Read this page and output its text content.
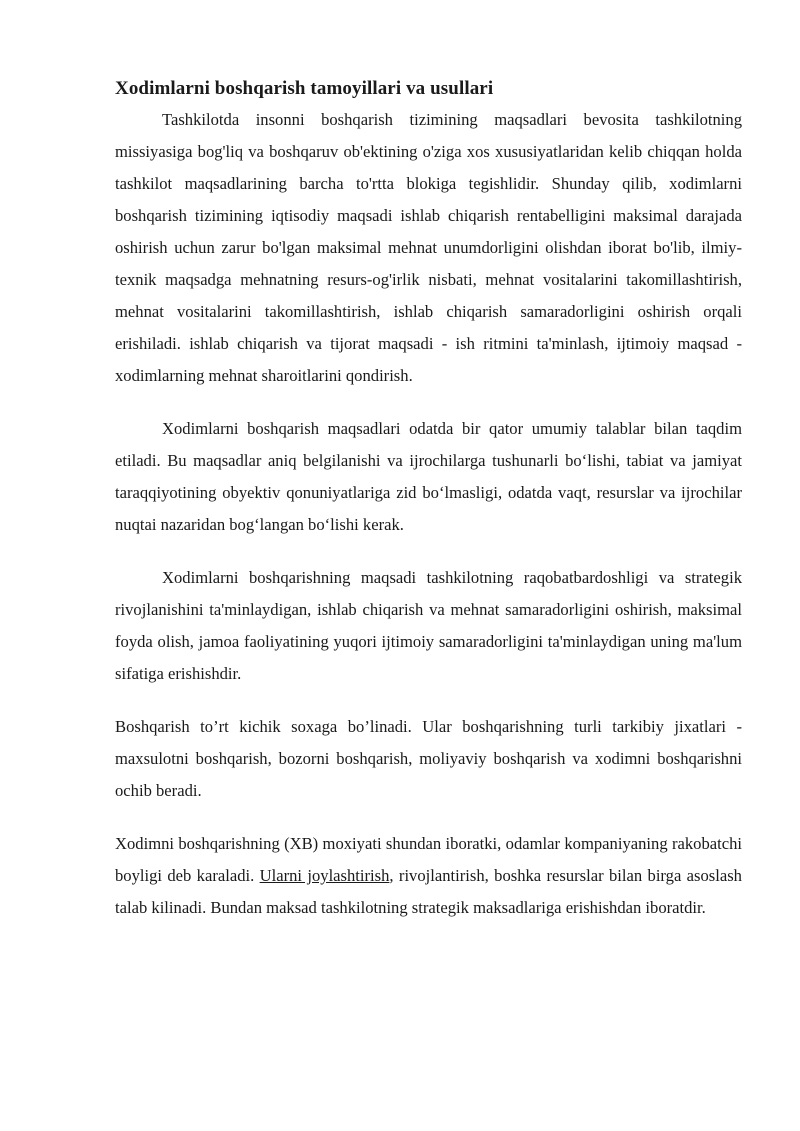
Xodimlarni boshqarish tamoyillari va usullari

Tashkilotda insonni boshqarish tizimining maqsadlari bevosita tashkilotning missiyasiga bog'liq va boshqaruv ob'ektining o'ziga xos xususiyatlaridan kelib chiqqan holda tashkilot maqsadlarining barcha to'rtta blokiga tegishlidir. Shunday qilib, xodimlarni boshqarish tizimining iqtisodiy maqsadi ishlab chiqarish rentabelligini maksimal darajada oshirish uchun zarur bo'lgan maksimal mehnat unumdorligini olishdan iborat bo'lib, ilmiy-texnik maqsadga mehnatning resurs-og'irlik nisbati, mehnat vositalarini takomillashtirish, mehnat vositalarini takomillashtirish, ishlab chiqarish samaradorligini oshirish orqali erishiladi. ishlab chiqarish va tijorat maqsadi - ish ritmini ta'minlash, ijtimoiy maqsad - xodimlarning mehnat sharoitlarini qondirish.

Xodimlarni boshqarish maqsadlari odatda bir qator umumiy talablar bilan taqdim etiladi. Bu maqsadlar aniq belgilanishi va ijrochilarga tushunarli bo‘lishi, tabiat va jamiyat taraqqiyotining obyektiv qonuniyatlariga zid bo‘lmasligi, odatda vaqt, resurslar va ijrochilar nuqtai nazaridan bog‘langan bo‘lishi kerak.

Xodimlarni boshqarishning maqsadi tashkilotning raqobatbardoshligi va strategik rivojlanishini ta'minlaydigan, ishlab chiqarish va mehnat samaradorligini oshirish, maksimal foyda olish, jamoa faoliyatining yuqori ijtimoiy samaradorligini ta'minlaydigan uning ma'lum sifatiga erishishdir.

Boshqarish to’rt kichik soxaga bo’linadi. Ular boshqarishning turli tarkibiy jixatlari - maxsulotni boshqarish, bozorni boshqarish, moliyaviy boshqarish va xodimni boshqarishni ochib beradi.

Xodimni boshqarishning (XB) moxiyati shundan iboratki, odamlar kompaniyaning rakobatchi boyligi deb karaladi. Ularni joylashtirish, rivojlantirish, boshka resurslar bilan birga asoslash talab kilinadi. Bundan maksad tashkilotning strategik maksadlariga erishishdan iboratdir.
